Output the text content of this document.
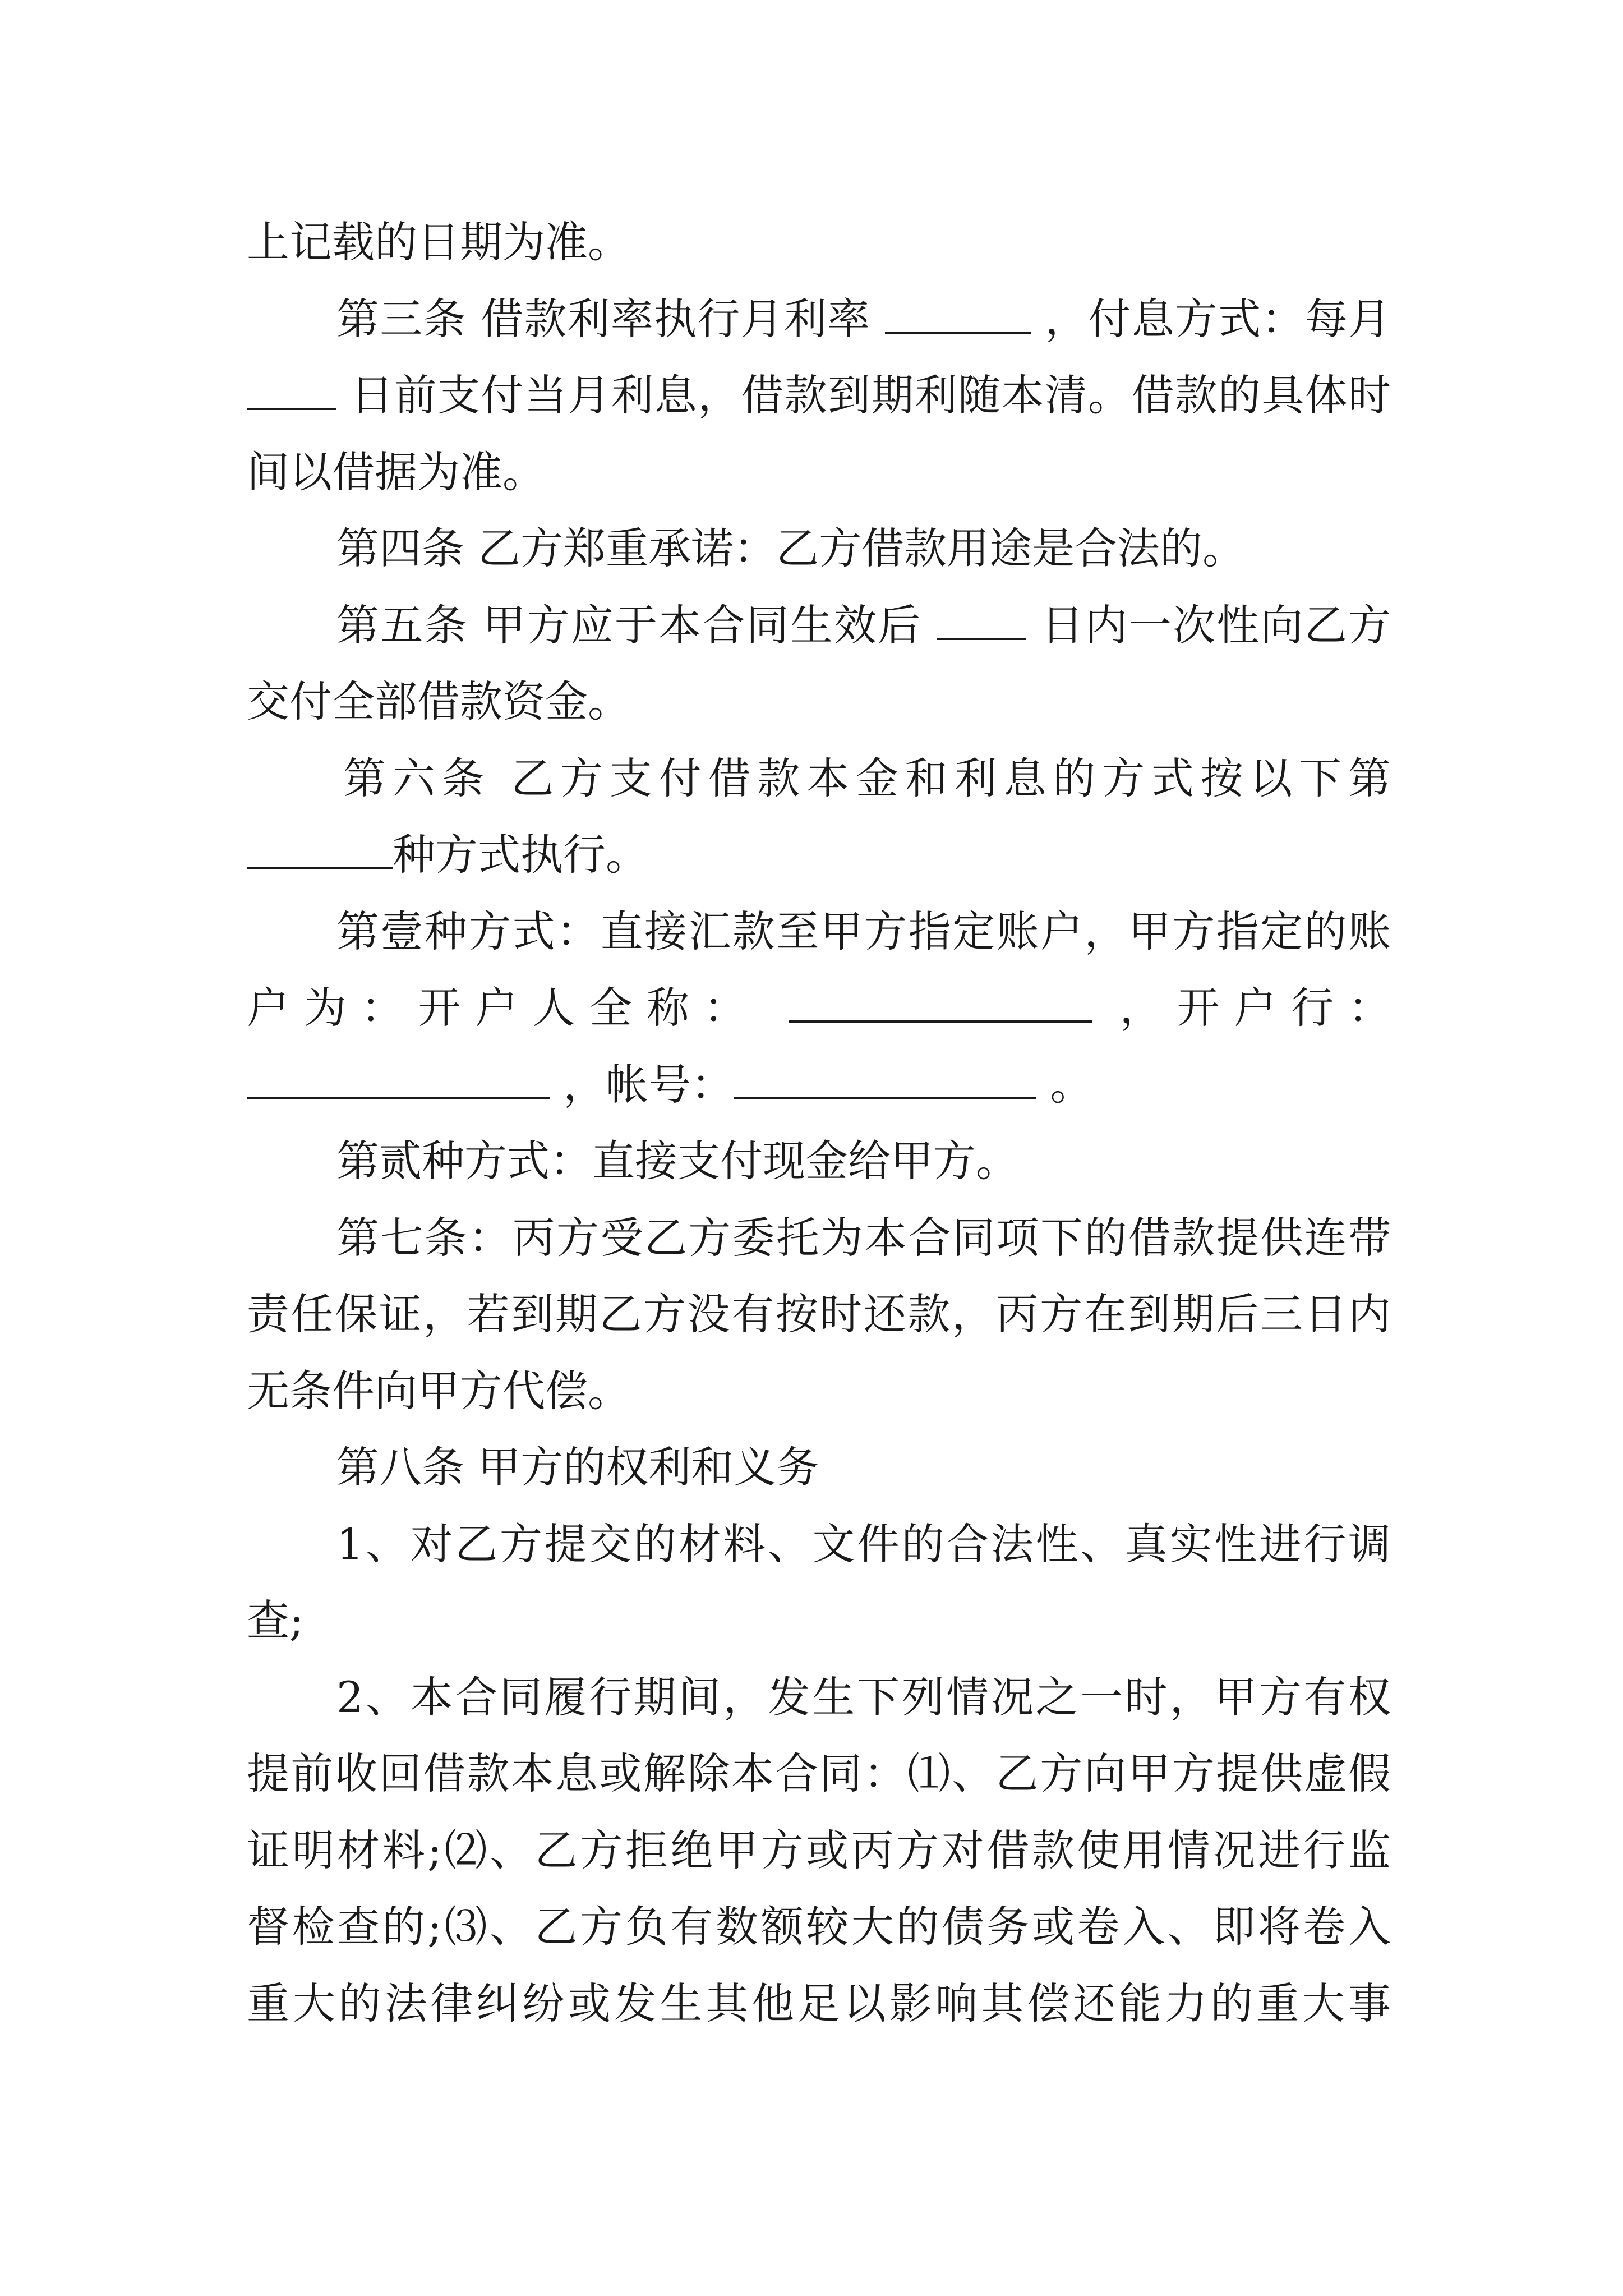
上记载的日期为准。
第三条 借款利率执行月利率	，付息方式：每月
日前支付当月利息，借款到期利随本清。借款的具体时
间以借据为准。
第四条 乙方郑重承诺：乙方借款用途是合法的。
第五条 甲方应于本合同生效后	日内一次性向乙方
交付全部借款资金。
第六条 乙方支付借款本金和利息的方式按以下第
种方式执行。
第壹种方式：直接汇款至甲方指定账户，甲方指定的账
户为：开户人全称：	，开户行：
，帐号：	。
第贰种方式：直接支付现金给甲方。
第七条：丙方受乙方委托为本合同项下的借款提供连带
责任保证，若到期乙方没有按时还款，丙方在到期后三日内
无条件向甲方代偿。
第八条 甲方的权利和义务
1、对乙方提交的材料、文件的合法性、真实性进行调
查;
2、本合同履行期间，发生下列情况之一时，甲方有权
提前收回借款本息或解除本合同：⑴、乙方向甲方提供虚假
证明材料;⑵、乙方拒绝甲方或丙方对借款使用情况进行监
督检查的;⑶、乙方负有数额较大的债务或卷入、即将卷入
重大的法律纠纷或发生其他足以影响其偿还能力的重大事
